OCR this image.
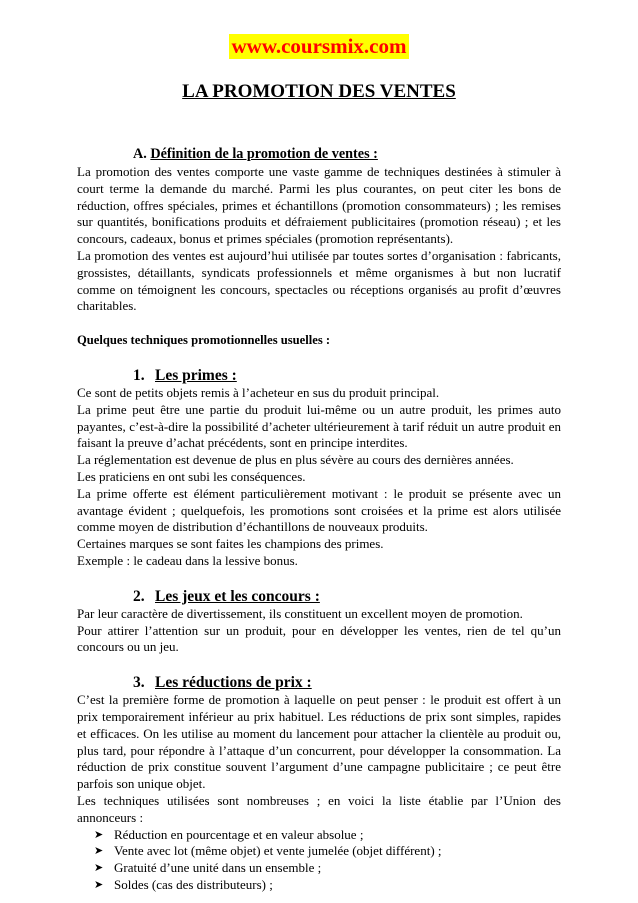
www.coursmix.com
LA PROMOTION DES VENTES
A. Définition de la promotion de ventes :

La promotion des ventes comporte une vaste gamme de techniques destinées à stimuler à court terme la demande du marché. Parmi les plus courantes, on peut citer les bons de réduction, offres spéciales, primes et échantillons (promotion consommateurs) ; les remises sur quantités, bonifications produits et défraiement publicitaires (promotion réseau) ; et les concours, cadeaux, bonus et primes spéciales (promotion représentants).

La promotion des ventes est aujourd’hui utilisée par toutes sortes d’organisation : fabricants, grossistes, détaillants, syndicats professionnels et même organismes à but non lucratif comme on témoignent les concours, spectacles ou réceptions organisés au profit d’œuvres charitables.

Quelques techniques promotionnelles usuelles :

1. Les primes :

Ce sont de petits objets remis à l’acheteur en sus du produit principal.

La prime peut être une partie du produit lui-même ou un autre produit, les primes auto payantes, c’est-à-dire la possibilité d’acheter ultérieurement à tarif réduit un autre produit en faisant la preuve d’achat précédents, sont en principe interdites.

La réglementation est devenue de plus en plus sévère au cours des dernières années.

Les praticiens en ont subi les conséquences.

La prime offerte est élément particulièrement motivant : le produit se présente avec un avantage évident ; quelquefois, les promotions sont croisées et la prime est alors utilisée comme moyen de distribution d’échantillons de nouveaux produits.

Certaines marques se sont faites les champions des primes.

Exemple : le cadeau dans la lessive bonus.

2. Les jeux et les concours :

Par leur caractère de divertissement, ils constituent un excellent moyen de promotion.

Pour attirer l’attention sur un produit, pour en développer les ventes, rien de tel qu’un concours ou un jeu.

3. Les réductions de prix :

C’est la première forme de promotion à laquelle on peut penser : le produit est offert à un prix temporairement inférieur au prix habituel. Les réductions de prix sont simples, rapides et efficaces. On les utilise au moment du lancement pour attacher la clientèle au produit ou, plus tard, pour répondre à l’attaque d’un concurrent, pour développer la consommation. La réduction de prix constitue souvent l’argument d’une campagne publicitaire ; ce peut être parfois son unique objet.

Les techniques utilisées sont nombreuses ; en voici la liste établie par l’Union des annonceurs :

➤ Réduction en pourcentage et en valeur absolue ;
➤ Vente avec lot (même objet) et vente jumelée (objet différent) ;
➤ Gratuité d’une unité dans un ensemble ;
➤ Soldes (cas des distributeurs) ;
